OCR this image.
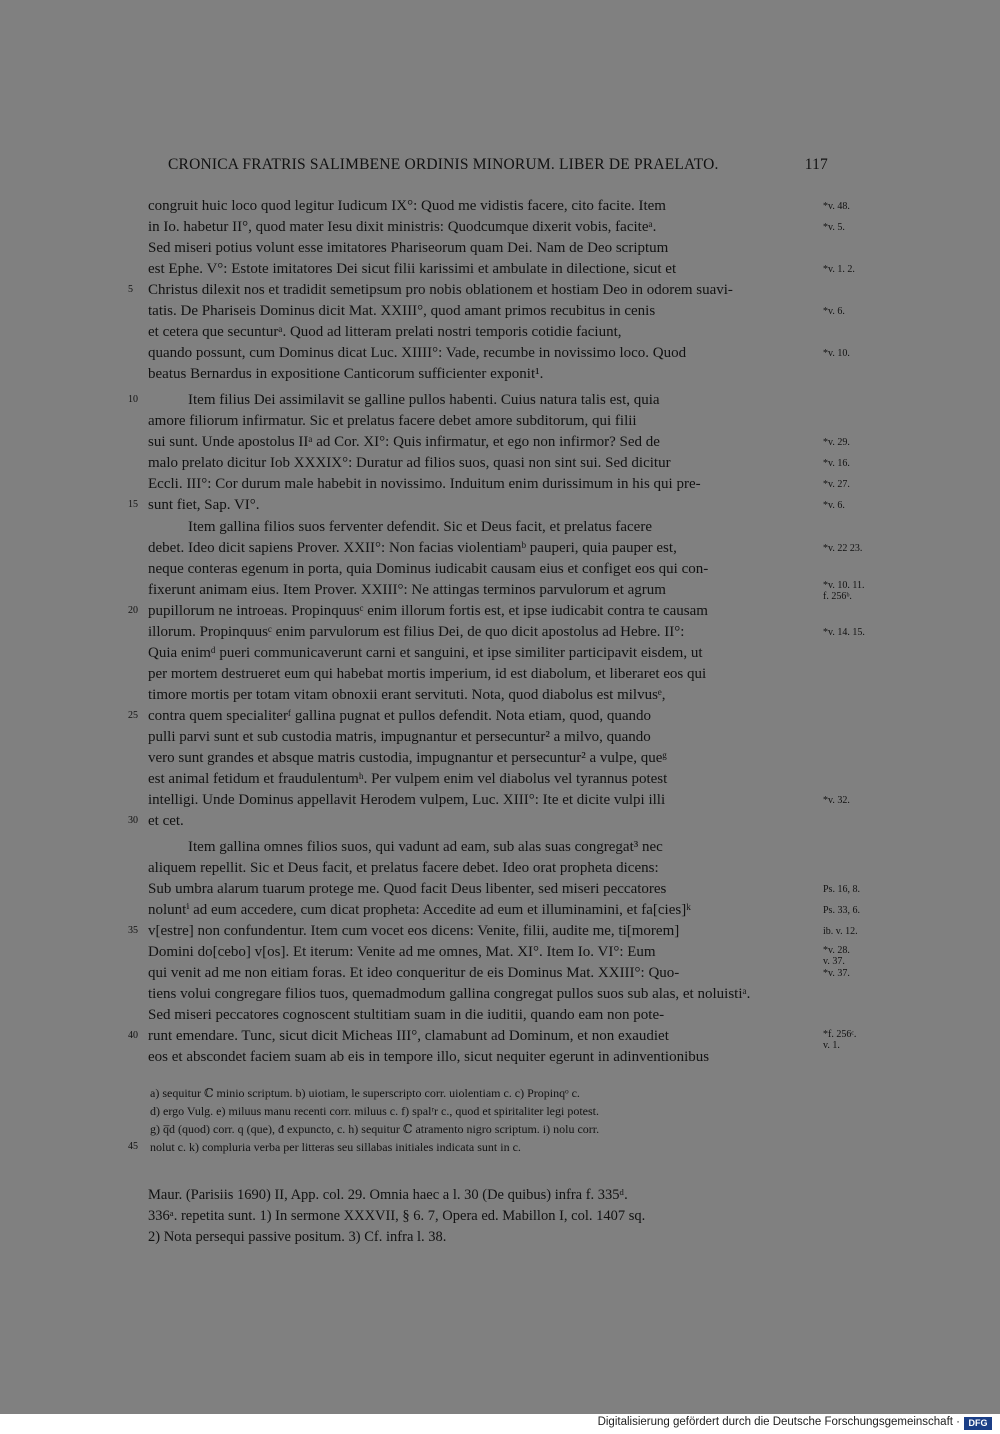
CRONICA FRATRIS SALIMBENE ORDINIS MINORUM. LIBER DE PRAELATO.	117
congruit huic loco quod legitur Iudicum IX°: Quod me vidistis facere, cito facite. Item
in Io. habetur II°, quod mater Iesu dixit ministris: Quodcumque dixerit vobis, faciteᵃ.
Sed miseri potius volunt esse imitatores Phariseorum quam Dei. Nam de Deo scriptum
est Ephe. V°: Estote imitatores Dei sicut filii karissimi et ambulate in dilectione, sicut et
Christus dilexit nos et tradidit semetipsum pro nobis oblationem et hostiam Deo in odorem suavi-
tatis. De Phariseis Dominus dicit Mat. XXIII°, quod amant primos recubitus in cenis
et cetera que secunturᵃ. Quod ad litteram prelati nostri temporis cotidie faciunt,
quando possunt, cum Dominus dicat Luc. XIIII°: Vade, recumbe in novissimo loco. Quod
beatus Bernardus in expositione Canticorum sufficienter exponit¹.
Item filius Dei assimilavit se galline pullos habenti. Cuius natura talis est, quia
amore filiorum infirmatur. Sic et prelatus facere debet amore subditorum, qui filii
sui sunt. Unde apostolus IIᵃ ad Cor. XI°: Quis infirmatur, et ego non infirmor? Sed de
malo prelato dicitur Iob XXXIX°: Duratur ad filios suos, quasi non sint sui. Sed dicitur
Eccli. III°: Cor durum male habebit in novissimo. Induitum enim durissimum in his qui pre-
sunt fiet, Sap. VI°.
Item gallina filios suos ferventer defendit. Sic et Deus facit, et prelatus facere
debet. Ideo dicit sapiens Prover. XXII°: Non facias violentiamᵇ pauperi, quia pauper est,
neque conteras egenum in porta, quia Dominus iudicabit causam eius et configet eos qui con-
fixerunt animam eius. Item Prover. XXIII°: Ne attingas terminos parvulorum et agrum
pupillorum ne introeas. Propinquusᶜ enim illorum fortis est, et ipse iudicabit contra te causam
illorum. Propinquusᶜ enim parvulorum est filius Dei, de quo dicit apostolus ad Hebre. II°:
Quia enimᵈ pueri communicaverunt carni et sanguini, et ipse similiter participavit eisdem, ut
per mortem destrueret eum qui habebat mortis imperium, id est diabolum, et liberaret eos qui
timore mortis per totam vitam obnoxii erant servituti. Nota, quod diabolus est milvusᵉ,
contra quem specialiterᶠ gallina pugnat et pullos defendit. Nota etiam, quod, quando
pulli parvi sunt et sub custodia matris, impugnantur et persecuntur² a milvo, quando
vero sunt grandes et absque matris custodia, impugnantur et persecuntur² a vulpe, queᵍ
est animal fetidum et fraudulentumʰ. Per vulpem enim vel diabolus vel tyrannus potest
intelligi. Unde Dominus appellavit Herodem vulpem, Luc. XIII°: Ite et dicite vulpi illi
et cet.
Item gallina omnes filios suos, qui vadunt ad eam, sub alas suas congregat³ nec
aliquem repellit. Sic et Deus facit, et prelatus facere debet. Ideo orat propheta dicens:
Sub umbra alarum tuarum protege me. Quod facit Deus libenter, sed miseri peccatores
noluntⁱ ad eum accedere, cum dicat propheta: Accedite ad eum et illuminamini, et fa[cies]ᵏ
v[estre] non confundentur. Item cum vocet eos dicens: Venite, filii, audite me, ti[morem]
Domini do[cebo] v[os]. Et iterum: Venite ad me omnes, Mat. XI°. Item Io. VI°: Eum
qui venit ad me non eitiam foras. Et ideo conqueritur de eis Dominus Mat. XXIII°: Quo-
tiens volui congregare filios tuos, quemadmodum gallina congregat pullos suos sub alas, et noluistiᵃ.
Sed miseri peccatores cognoscent stultitiam suam in die iuditii, quando eam non pote-
runt emendare. Tunc, sicut dicit Micheas III°, clamabunt ad Dominum, et non exaudiet
eos et abscondet faciem suam ab eis in tempore illo, sicut nequiter egerunt in adinventionibus
5
10
15
20
25
30
35
40
45
*v. 48.
*v. 5.
*v. 1. 2.
*v. 6.
*v. 10.
*v. 29.
*v. 16.
*v. 27.
*v. 6.
*v. 22 23.
*v. 10. 11.
f. 256ᵇ.
*v. 14. 15.
*v. 32.
Ps. 16, 8.
Ps. 33, 6.
ib. v. 12.
*v. 28.
v. 37.
*v. 37.
*f. 256ᶜ.
v. 1.
a) sequitur ℂ minio scriptum. b) uiotiam, le superscripto corr. uiolentiam c. c) Propinqᵒ c.
d) ergo Vulg. e) miluus manu recenti corr. miluus c. f) spalʳr c., quod et spiritaliter legi potest.
g) q̅d (quod) corr. q (que), đ expuncto, c. h) sequitur ℂ atramento nigro scriptum. i) nolu corr.
nolut c. k) compluria verba per litteras seu sillabas initiales indicata sunt in c.
Maur. (Parisiis 1690) II, App. col. 29. Omnia haec a l. 30 (De quibus) infra f. 335ᵈ.
336ᵃ. repetita sunt. 1) In sermone XXXVII, § 6. 7, Opera ed. Mabillon I, col. 1407 sq.
2) Nota persequi passive positum. 3) Cf. infra l. 38.
Digitalisierung gefördert durch die Deutsche Forschungsgemeinschaft · DFG
